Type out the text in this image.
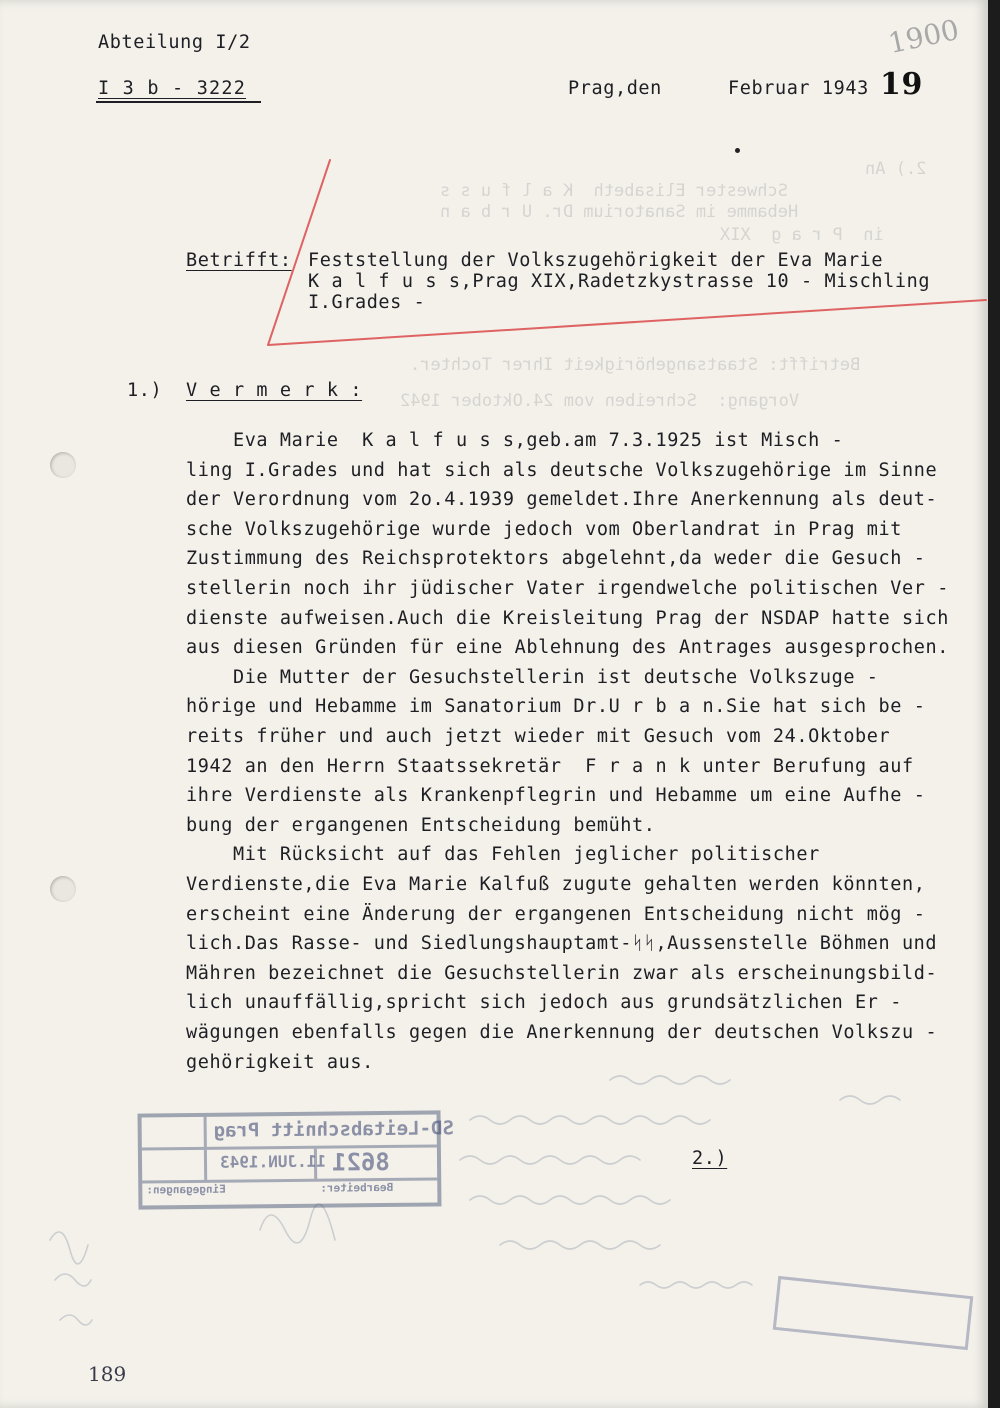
2.) An
Schwester Elisabeth  K a l f u s s
Hebamme im Sanatorium Dr. U r b a n
in  P r a g  XIX
Betrifft: Staatsangehörigkeit Ihrer Tochter.
Vorgang:  Schreiben vom 24.Oktober 1942
Abteilung I/2
I 3 b - 3222	Prag,den	Februar 1943 19
1900
Betrifft: Feststellung der Volkszugehörigkeit der Eva Marie
K a l f u s s,Prag XIX,Radetzkystrasse 10 - Mischling
I.Grades -
1.) V e r m e r k :
Eva Marie  K a l f u s s,geb.am 7.3.1925 ist Misch -
ling I.Grades und hat sich als deutsche Volkszugehörige im Sinne
der Verordnung vom 2o.4.1939 gemeldet.Ihre Anerkennung als deut-
sche Volkszugehörige wurde jedoch vom Oberlandrat in Prag mit
Zustimmung des Reichsprotektors abgelehnt,da weder die Gesuch -
stellerin noch ihr jüdischer Vater irgendwelche politischen Ver -
dienste aufweisen.Auch die Kreisleitung Prag der NSDAP hatte sich
aus diesen Gründen für eine Ablehnung des Antrages ausgesprochen.
Die Mutter der Gesuchstellerin ist deutsche Volkszuge -
hörige und Hebamme im Sanatorium Dr.U r b a n.Sie hat sich be -
reits früher und auch jetzt wieder mit Gesuch vom 24.Oktober
1942 an den Herrn Staatssekretär  F r a n k unter Berufung auf
ihre Verdienste als Krankenpflegrin und Hebamme um eine Aufhe -
bung der ergangenen Entscheidung bemüht.
Mit Rücksicht auf das Fehlen jeglicher politischer
Verdienste,die Eva Marie Kalfuß zugute gehalten werden könnten,
erscheint eine Änderung der ergangenen Entscheidung nicht mög -
lich.Das Rasse- und Siedlungshauptamt-ᛋᛋ,Aussenstelle Böhmen und
Mähren bezeichnet die Gesuchstellerin zwar als erscheinungsbild-
lich unauffällig,spricht sich jedoch aus grundsätzlichen Er -
wägungen ebenfalls gegen die Anerkennung der deutschen Volkszu -
gehörigkeit aus.
2.)
SD-Leitabschnitt Prag
11.JUN.1943 8621
Eingegangen:	Bearbeiter:
189
